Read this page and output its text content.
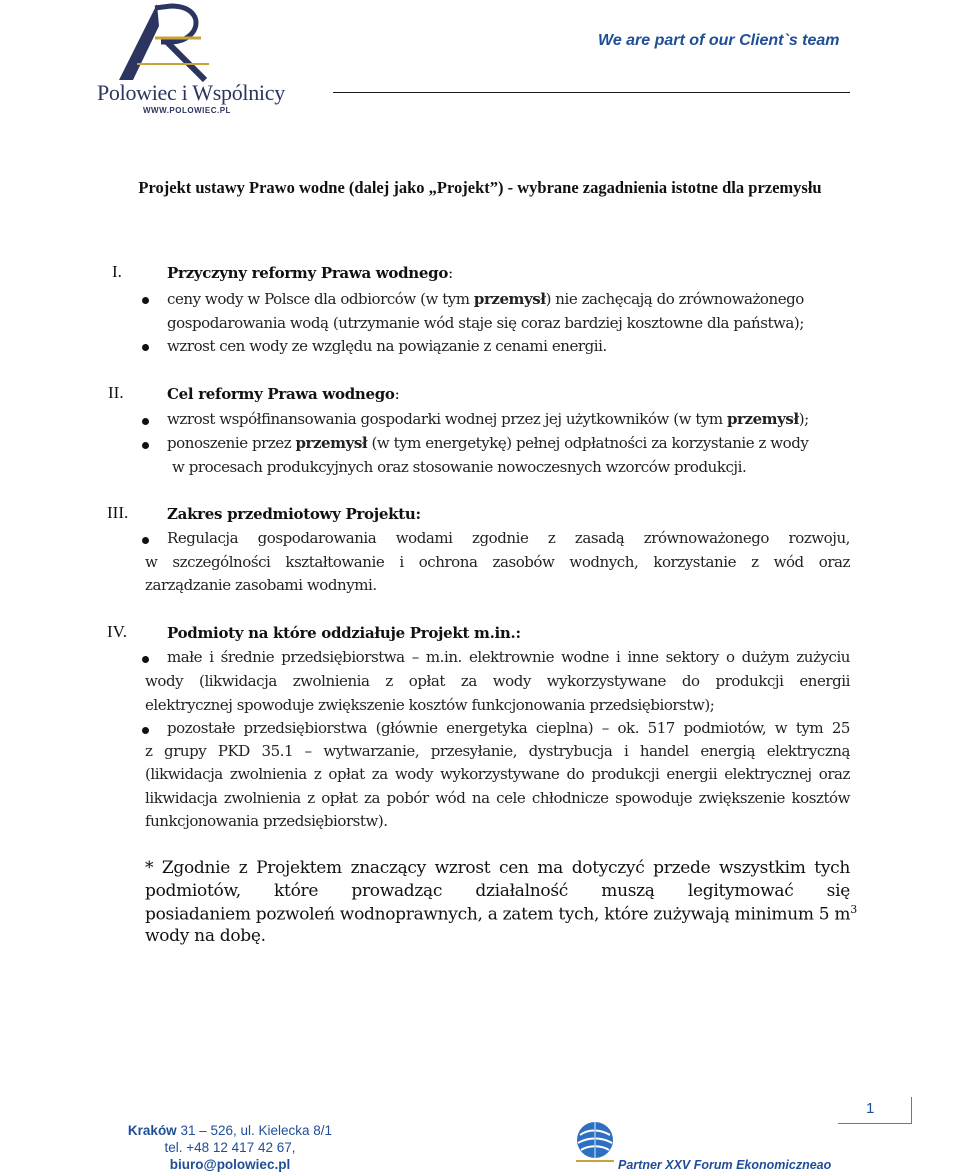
Polowiec i Wspólnicy
WWW.POLOWIEC.PL
We are part of our Client`s team
Projekt ustawy Prawo wodne (dalej jako „Projekt”) - wybrane zagadnienia istotne dla przemysłu
I.	Przyczyny reformy Prawa wodnego:
ceny wody w Polsce dla odbiorców (w tym przemysł) nie zachęcają do zrównoważonego
gospodarowania wodą (utrzymanie wód staje się coraz bardziej kosztowne dla państwa);
wzrost cen wody ze względu na powiązanie z cenami energii.
II.	Cel reformy Prawa wodnego:
wzrost współfinansowania gospodarki wodnej przez jej użytkowników (w tym przemysł);
ponoszenie przez przemysł (w tym energetykę) pełnej odpłatności za korzystanie z wody
w procesach produkcyjnych oraz stosowanie nowoczesnych wzorców produkcji.
III.	Zakres przedmiotowy Projektu:
Regulacja gospodarowania wodami zgodnie z zasadą zrównoważonego rozwoju,
w szczególności kształtowanie i ochrona zasobów wodnych, korzystanie z wód oraz
zarządzanie zasobami wodnymi.
IV.	Podmioty na które oddziałuje Projekt m.in.:
małe i średnie przedsiębiorstwa – m.in. elektrownie wodne i inne sektory o dużym zużyciu
wody (likwidacja zwolnienia z opłat za wody wykorzystywane do produkcji energii
elektrycznej spowoduje zwiększenie kosztów funkcjonowania przedsiębiorstw);
pozostałe przedsiębiorstwa (głównie energetyka cieplna) – ok. 517 podmiotów, w tym 25
z grupy PKD 35.1 – wytwarzanie, przesyłanie, dystrybucja i handel energią elektryczną
(likwidacja zwolnienia z opłat za wody wykorzystywane do produkcji energii elektrycznej oraz
likwidacja zwolnienia z opłat za pobór wód na cele chłodnicze spowoduje zwiększenie kosztów
funkcjonowania przedsiębiorstw).
* Zgodnie z Projektem znaczący wzrost cen ma dotyczyć przede wszystkim tych
podmiotów, które prowadząc działalność muszą legitymować się
posiadaniem pozwoleń wodnoprawnych, a zatem tych, które zużywają minimum 5 $m^3$
wody na dobę.
Kraków 31 – 526, ul. Kielecka 8/1
tel. +48 12 417 42 67,
biuro@polowiec.pl
1
Partner XXV Forum Ekonomiczneao
